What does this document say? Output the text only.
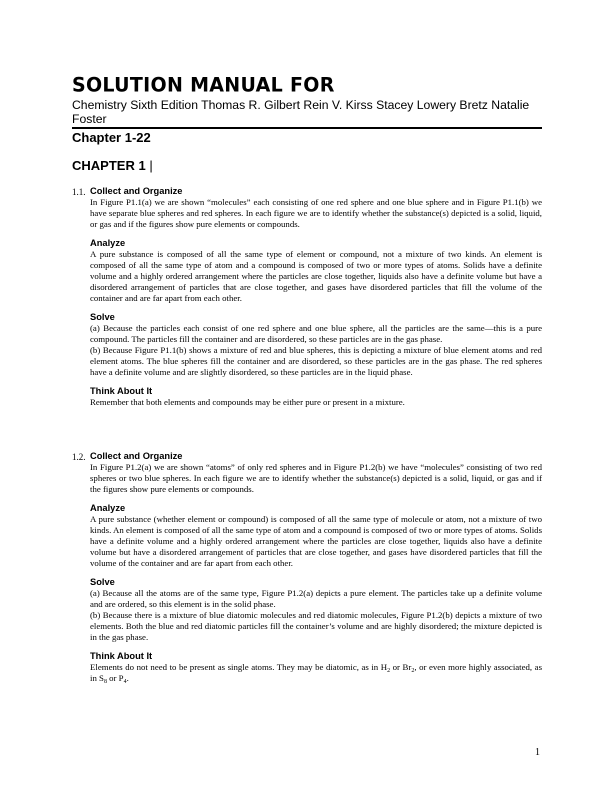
SOLUTION MANUAL FOR
Chemistry Sixth Edition Thomas R. Gilbert Rein V. Kirss Stacey Lowery Bretz Natalie Foster
Chapter 1-22
CHAPTER 1 |
1.1. Collect and Organize
In Figure P1.1(a) we are shown “molecules” each consisting of one red sphere and one blue sphere and in Figure P1.1(b) we have separate blue spheres and red spheres. In each figure we are to identify whether the substance(s) depicted is a solid, liquid, or gas and if the figures show pure elements or compounds.
Analyze
A pure substance is composed of all the same type of element or compound, not a mixture of two kinds. An element is composed of all the same type of atom and a compound is composed of two or more types of atoms. Solids have a definite volume and a highly ordered arrangement where the particles are close together, liquids also have a definite volume but have a disordered arrangement of particles that are close together, and gases have disordered particles that fill the volume of the container and are far apart from each other.
Solve
(a) Because the particles each consist of one red sphere and one blue sphere, all the particles are the same—this is a pure compound. The particles fill the container and are disordered, so these particles are in the gas phase.
(b) Because Figure P1.1(b) shows a mixture of red and blue spheres, this is depicting a mixture of blue element atoms and red element atoms. The blue spheres fill the container and are disordered, so these particles are in the gas phase. The red spheres have a definite volume and are slightly disordered, so these particles are in the liquid phase.
Think About It
Remember that both elements and compounds may be either pure or present in a mixture.
1.2. Collect and Organize
In Figure P1.2(a) we are shown “atoms” of only red spheres and in Figure P1.2(b) we have “molecules” consisting of two red spheres or two blue spheres. In each figure we are to identify whether the substance(s) depicted is a solid, liquid, or gas and if the figures show pure elements or compounds.
Analyze
A pure substance (whether element or compound) is composed of all the same type of molecule or atom, not a mixture of two kinds. An element is composed of all the same type of atom and a compound is composed of two or more types of atoms. Solids have a definite volume and a highly ordered arrangement where the particles are close together, liquids also have a definite volume but have a disordered arrangement of particles that are close together, and gases have disordered particles that fill the volume of the container and are far apart from each other.
Solve
(a) Because all the atoms are of the same type, Figure P1.2(a) depicts a pure element. The particles take up a definite volume and are ordered, so this element is in the solid phase.
(b) Because there is a mixture of blue diatomic molecules and red diatomic molecules, Figure P1.2(b) depicts a mixture of two elements. Both the blue and red diatomic particles fill the container’s volume and are highly disordered; the mixture depicted is in the gas phase.
Think About It
Elements do not need to be present as single atoms. They may be diatomic, as in $H_2$ or $Br_2$, or even more highly associated, as in $S_8$ or $P_4$.
1
